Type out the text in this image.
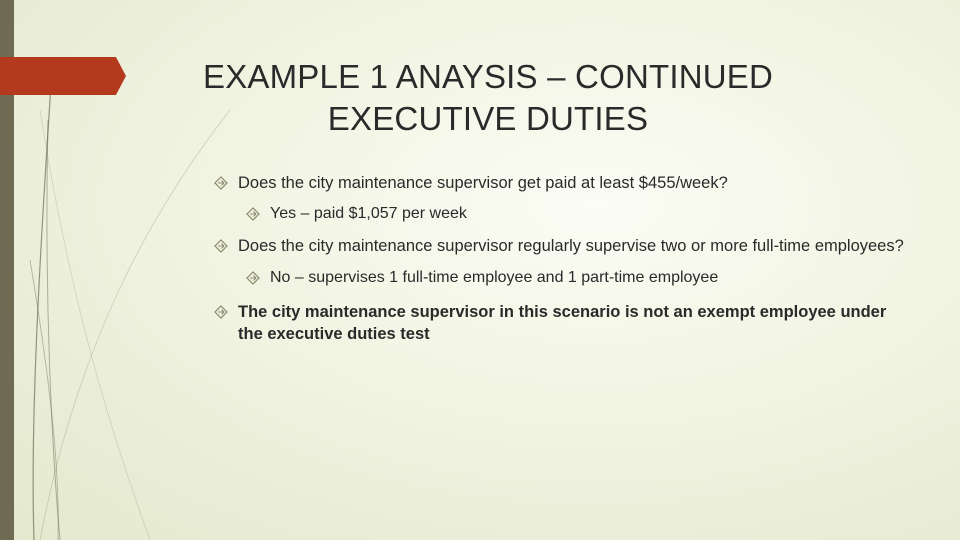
EXAMPLE 1 ANAYSIS – CONTINUED
EXECUTIVE DUTIES
Does the city maintenance supervisor get paid at least $455/week?
Yes – paid $1,057 per week
Does the city maintenance supervisor regularly supervise two or more full-time employees?
No – supervises 1 full-time employee and 1 part-time employee
The city maintenance supervisor in this scenario is not an exempt employee under the executive duties test
